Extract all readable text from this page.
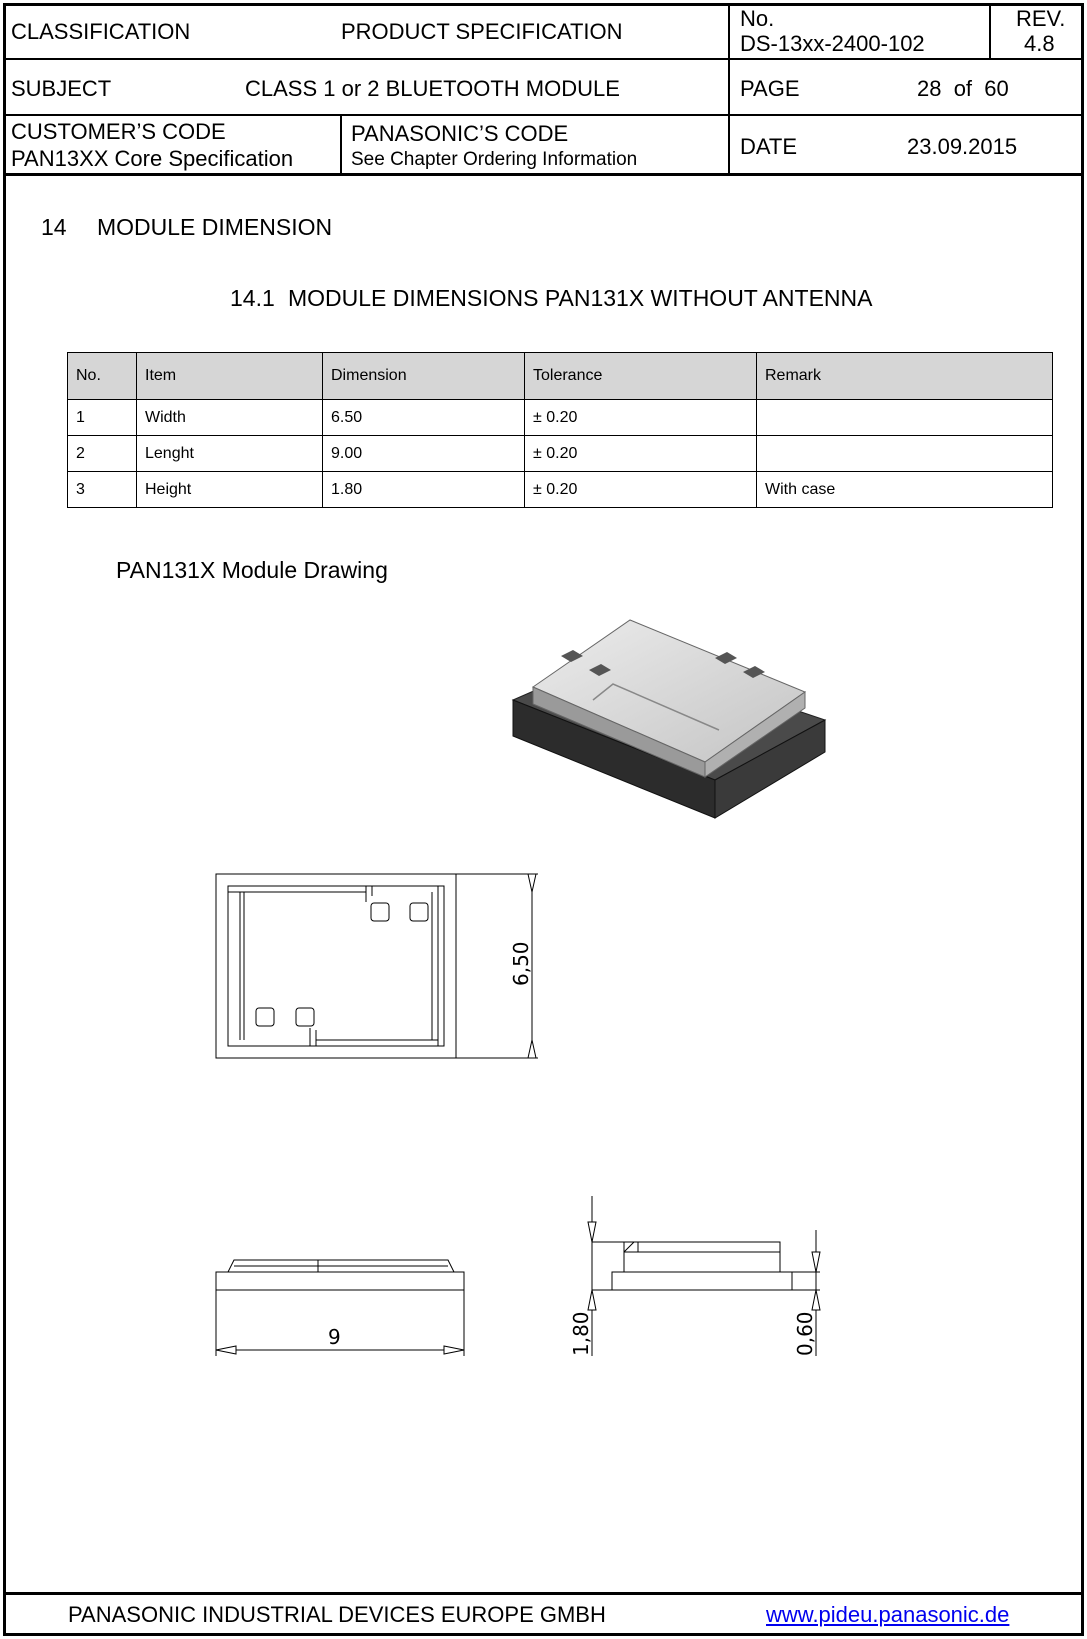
CLASSIFICATION	PRODUCT SPECIFICATION
No.
DS-13xx-2400-102
REV.
4.8
SUBJECT	CLASS 1 or 2 BLUETOOTH MODULE	PAGE	28  of  60
CUSTOMER’S CODE
PAN13XX Core Specification
PANASONIC’S CODE
See Chapter Ordering Information
DATE	23.09.2015
14 MODULE DIMENSION
14.1 MODULE DIMENSIONS PAN131X WITHOUT ANTENNA
No.	Item	Dimension	Tolerance	Remark
1	Width	6.50	± 0.20	
2	Lenght	9.00	± 0.20	
3	Height	1.80	± 0.20	With case
PAN131X Module Drawing
6,50
9	1,80	0,60
PANASONIC INDUSTRIAL DEVICES EUROPE GMBH	www.pideu.panasonic.de
